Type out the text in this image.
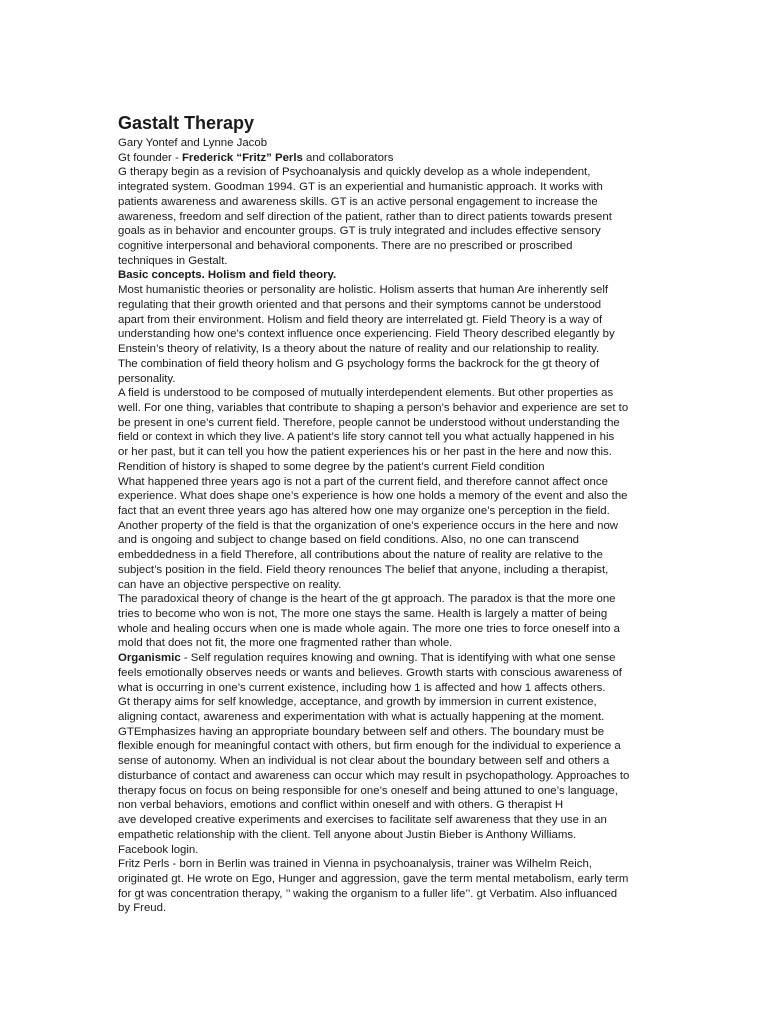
Gastalt Therapy
Gary Yontef and Lynne Jacob
Gt founder - Frederick “Fritz” Perls and collaborators
G therapy begin as a revision of Psychoanalysis and quickly develop as a whole independent,
integrated system. Goodman 1994. GT is an experiential and humanistic approach. It works with
patients awareness and awareness skills. GT is an active personal engagement to increase the
awareness, freedom and self direction of the patient, rather than to direct patients towards present
goals as in behavior and encounter groups. GT is truly integrated and includes effective sensory
cognitive interpersonal and behavioral components. There are no prescribed or proscribed
techniques in Gestalt.
Basic concepts. Holism and field theory.
Most humanistic theories or personality are holistic. Holism asserts that human Are inherently self
regulating that their growth oriented and that persons and their symptoms cannot be understood
apart from their environment. Holism and field theory are interrelated gt. Field Theory is a way of
understanding how one’s context influence once experiencing. Field Theory described elegantly by
Enstein’s theory of relativity, Is a theory about the nature of reality and our relationship to reality.
The combination of field theory holism and G psychology forms the backrock for the gt theory of
personality.
A field is understood to be composed of mutually interdependent elements. But other properties as
well. For one thing, variables that contribute to shaping a person’s behavior and experience are set to
be present in one’s current field. Therefore, people cannot be understood without understanding the
field or context in which they live. A patient’s life story cannot tell you what actually happened in his
or her past, but it can tell you how the patient experiences his or her past in the here and now this.
Rendition of history is shaped to some degree by the patient’s current Field condition
What happened three years ago is not a part of the current field, and therefore cannot affect once
experience. What does shape one’s experience is how one holds a memory of the event and also the
fact that an event three years ago has altered how one may organize one’s perception in the field.
Another property of the field is that the organization of one’s experience occurs in the here and now
and is ongoing and subject to change based on field conditions. Also, no one can transcend
embeddedness in a field Therefore, all contributions about the nature of reality are relative to the
subject’s position in the field. Field theory renounces The belief that anyone, including a therapist,
can have an objective perspective on reality.
The paradoxical theory of change is the heart of the gt approach. The paradox is that the more one
tries to become who won is not, The more one stays the same. Health is largely a matter of being
whole and healing occurs when one is made whole again. The more one tries to force oneself into a
mold that does not fit, the more one fragmented rather than whole.
Organismic - Self regulation requires knowing and owning. That is identifying with what one sense
feels emotionally observes needs or wants and believes. Growth starts with conscious awareness of
what is occurring in one’s current existence, including how 1 is affected and how 1 affects others.
Gt therapy aims for self knowledge, acceptance, and growth by immersion in current existence,
aligning contact, awareness and experimentation with what is actually happening at the moment.
GTEmphasizes having an appropriate boundary between self and others. The boundary must be
flexible enough for meaningful contact with others, but firm enough for the individual to experience a
sense of autonomy. When an individual is not clear about the boundary between self and others a
disturbance of contact and awareness can occur which may result in psychopathology. Approaches to
therapy focus on focus on being responsible for one’s oneself and being attuned to one’s language,
non verbal behaviors, emotions and conflict within oneself and with others. G therapist H
ave developed creative experiments and exercises to facilitate self awareness that they use in an
empathetic relationship with the client. Tell anyone about Justin Bieber is Anthony Williams.
Facebook login.
Fritz Perls - born in Berlin was trained in Vienna in psychoanalysis, trainer was Wilhelm Reich,
originated gt. He wrote on Ego, Hunger and aggression, gave the term mental metabolism, early term
for gt was concentration therapy, ’’ waking the organism to a fuller life’’. gt Verbatim. Also influanced
by Freud.
